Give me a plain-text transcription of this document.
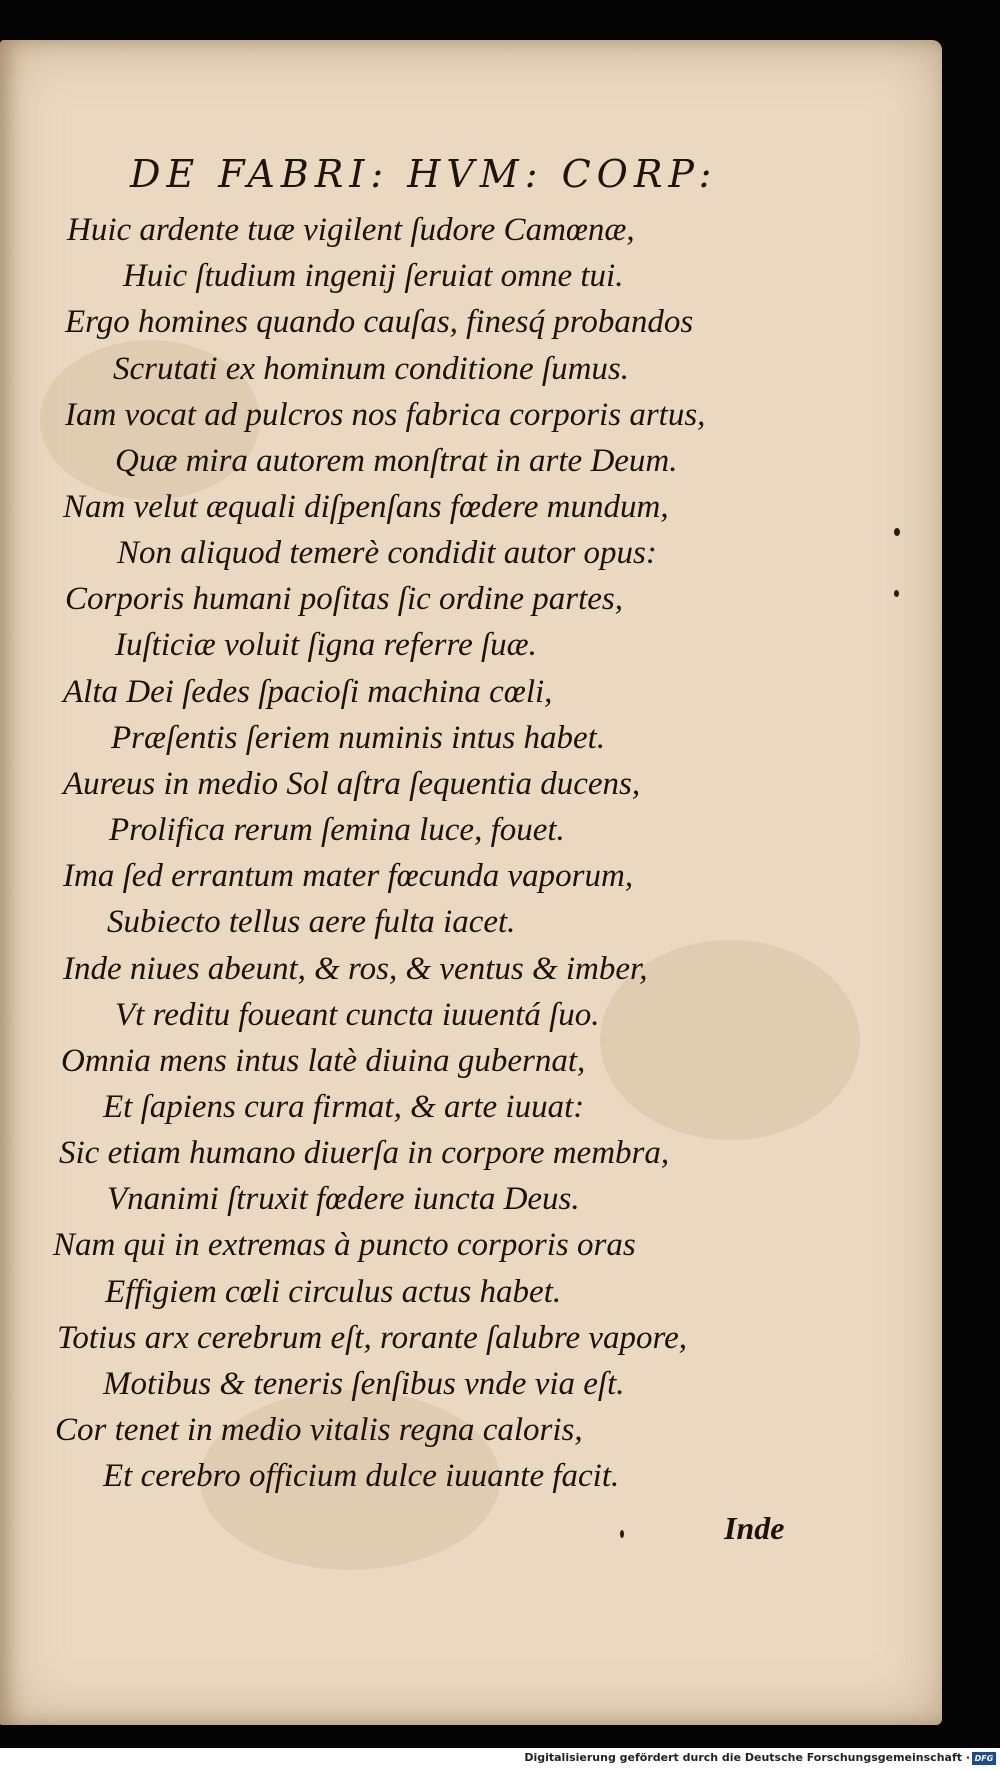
DE FABRI: HVM: CORP:
Huic ardente tuæ vigilent ſudore Camœnæ,
Huic ſtudium ingenij ſeruiat omne tui.
Ergo homines quando cauſas, finesq́ probandos
Scrutati ex hominum conditione ſumus.
Iam vocat ad pulcros nos fabrica corporis artus,
Quæ mira autorem monſtrat in arte Deum.
Nam velut æquali diſpenſans fœdere mundum,
Non aliquod temerè condidit autor opus:
Corporis humani poſitas ſic ordine partes,
Iuſticiæ voluit ſigna referre ſuæ.
Alta Dei ſedes ſpacioſi machina cœli,
Præſentis ſeriem numinis intus habet.
Aureus in medio Sol aſtra ſequentia ducens,
Prolifica rerum ſemina luce, fouet.
Ima ſed errantum mater fœcunda vaporum,
Subiecto tellus aere fulta iacet.
Inde niues abeunt, & ros, & ventus & imber,
Vt reditu foueant cuncta iuuentá ſuo.
Omnia mens intus latè diuina gubernat,
Et ſapiens cura firmat, & arte iuuat:
Sic etiam humano diuerſa in corpore membra,
Vnanimi ſtruxit fœdere iuncta Deus.
Nam qui in extremas à puncto corporis oras
Effigiem cœli circulus actus habet.
Totius arx cerebrum eſt, rorante ſalubre vapore,
Motibus & teneris ſenſibus vnde via eſt.
Cor tenet in medio vitalis regna caloris,
Et cerebro officium dulce iuuante facit.
Inde
Digitalisierung gefördert durch die Deutsche Forschungsgemeinschaft · DFG
